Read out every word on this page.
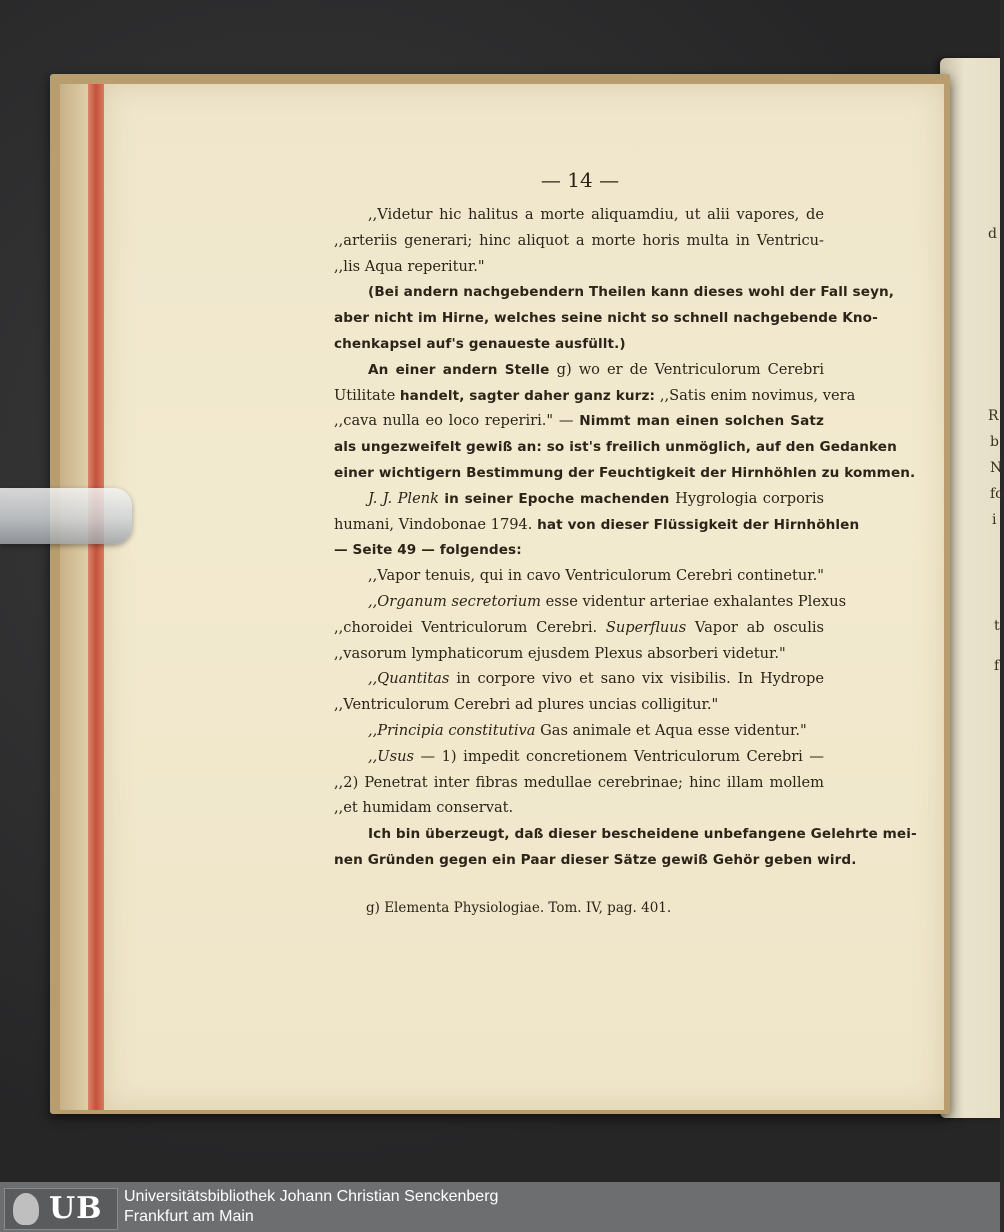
d
R
b
N
fo
i
t
f
— 14 —
,,Videtur hic halitus a morte aliquamdiu, ut alii vapores, de
,,arteriis generari; hinc aliquot a morte horis multa in Ventricu-
,,lis Aqua reperitur."
(Bei andern nachgebendern Theilen kann dieses wohl der Fall seyn,
aber nicht im Hirne, welches seine nicht so schnell nachgebende Kno-
chenkapsel auf's genaueste ausfüllt.)
An einer andern Stelle g) wo er de Ventriculorum Cerebri
Utilitate handelt, sagter daher ganz kurz: ,,Satis enim novimus, vera
,,cava nulla eo loco reperiri." — Nimmt man einen solchen Satz
als ungezweifelt gewiß an: so ist's freilich unmöglich, auf den Gedanken
einer wichtigern Bestimmung der Feuchtigkeit der Hirnhöhlen zu kommen.
J. J. Plenk in seiner Epoche machenden Hygrologia corporis
humani, Vindobonae 1794. hat von dieser Flüssigkeit der Hirnhöhlen
— Seite 49 — folgendes:
,,Vapor tenuis, qui in cavo Ventriculorum Cerebri continetur."
,,Organum secretorium esse videntur arteriae exhalantes Plexus
,,choroidei Ventriculorum Cerebri. Superfluus Vapor ab osculis
,,vasorum lymphaticorum ejusdem Plexus absorberi videtur."
,,Quantitas in corpore vivo et sano vix visibilis. In Hydrope
,,Ventriculorum Cerebri ad plures uncias colligitur."
,,Principia constitutiva Gas animale et Aqua esse videntur."
,,Usus — 1) impedit concretionem Ventriculorum Cerebri —
,,2) Penetrat inter fibras medullae cerebrinae; hinc illam mollem
,,et humidam conservat.
Ich bin überzeugt, daß dieser bescheidene unbefangene Gelehrte mei-
nen Gründen gegen ein Paar dieser Sätze gewiß Gehör geben wird.
g) Elementa Physiologiae. Tom. IV, pag. 401.
UB Universitätsbibliothek Johann Christian Senckenberg
Frankfurt am Main
